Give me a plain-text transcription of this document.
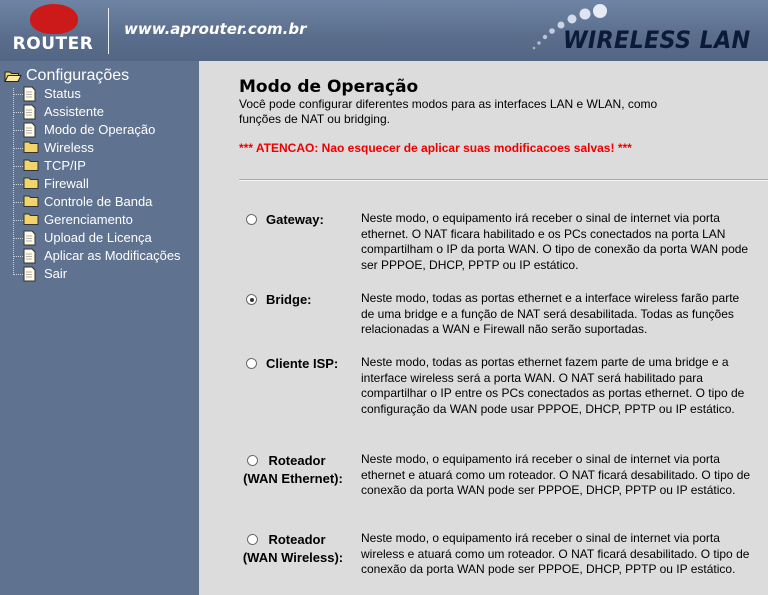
ROUTER
www.aprouter.com.br	WIRELESS LAN
Configurações
Status
Assistente
Modo de Operação
Wireless
TCP/IP
Firewall
Controle de Banda
Gerenciamento
Upload de Licença
Aplicar as Modificações
Sair
Modo de Operação
Você pode configurar diferentes modos para as interfaces LAN e WLAN, como funções de NAT ou bridging.
*** ATENCAO: Nao esquecer de aplicar suas modificacoes salvas! ***
Gateway:	Neste modo, o equipamento irá receber o sinal de internet via porta ethernet. O NAT ficara habilitado e os PCs conectados na porta LAN compartilham o IP da porta WAN. O tipo de conexão da porta WAN pode ser PPPOE, DHCP, PPTP ou IP estático.
Bridge:	Neste modo, todas as portas ethernet e a interface wireless farão parte de uma bridge e a função de NAT será desabilitada. Todas as funções relacionadas a WAN e Firewall não serão suportadas.
Cliente ISP: Neste modo, todas as portas ethernet fazem parte de uma bridge e a interface wireless será a porta WAN. O NAT será habilitado para compartilhar o IP entre os PCs conectados as portas ethernet. O tipo de configuração da WAN pode usar PPPOE, DHCP, PPTP ou IP estático.
Roteador
(WAN Ethernet):
Neste modo, o equipamento irá receber o sinal de internet via porta ethernet e atuará como um roteador. O NAT ficará desabilitado. O tipo de conexão da porta WAN pode ser PPPOE, DHCP, PPTP ou IP estático.
Roteador
(WAN Wireless):
Neste modo, o equipamento irá receber o sinal de internet via porta wireless e atuará como um roteador. O NAT ficará desabilitado. O tipo de conexão da porta WAN pode ser PPPOE, DHCP, PPTP ou IP estático.
